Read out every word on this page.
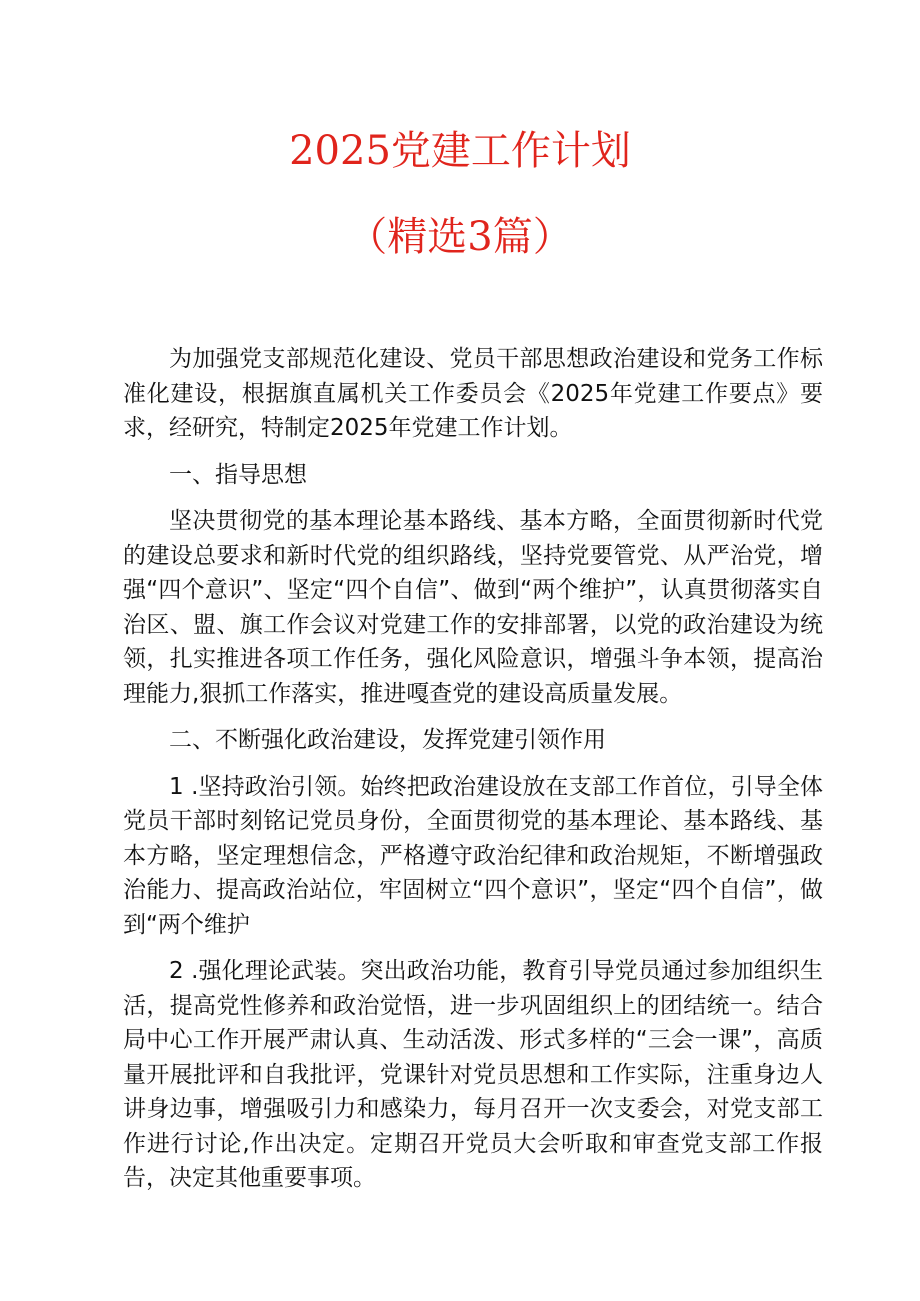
2025党建工作计划
（精选3篇）

为加强党支部规范化建设、党员干部思想政治建设和党务工作标准化建设，根据旗直属机关工作委员会《2025年党建工作要点》要求，经研究，特制定2025年党建工作计划。

一、指导思想

坚决贯彻党的基本理论基本路线、基本方略，全面贯彻新时代党的建设总要求和新时代党的组织路线，坚持党要管党、从严治党，增强“四个意识”、坚定“四个自信”、做到“两个维护”，认真贯彻落实自治区、盟、旗工作会议对党建工作的安排部署，以党的政治建设为统领，扎实推进各项工作任务，强化风险意识，增强斗争本领，提高治理能力,狠抓工作落实，推进嘎查党的建设高质量发展。

二、不断强化政治建设，发挥党建引领作用

1 .坚持政治引领。始终把政治建设放在支部工作首位，引导全体党员干部时刻铭记党员身份，全面贯彻党的基本理论、基本路线、基本方略，坚定理想信念，严格遵守政治纪律和政治规矩，不断增强政治能力、提高政治站位，牢固树立“四个意识”，坚定“四个自信”，做到“两个维护

2 .强化理论武装。突出政治功能，教育引导党员通过参加组织生活，提高党性修养和政治觉悟，进一步巩固组织上的团结统一。结合局中心工作开展严肃认真、生动活泼、形式多样的“三会一课”，高质量开展批评和自我批评，党课针对党员思想和工作实际，注重身边人讲身边事，增强吸引力和感染力，每月召开一次支委会，对党支部工作进行讨论,作出决定。定期召开党员大会听取和审查党支部工作报告，决定其他重要事项。
